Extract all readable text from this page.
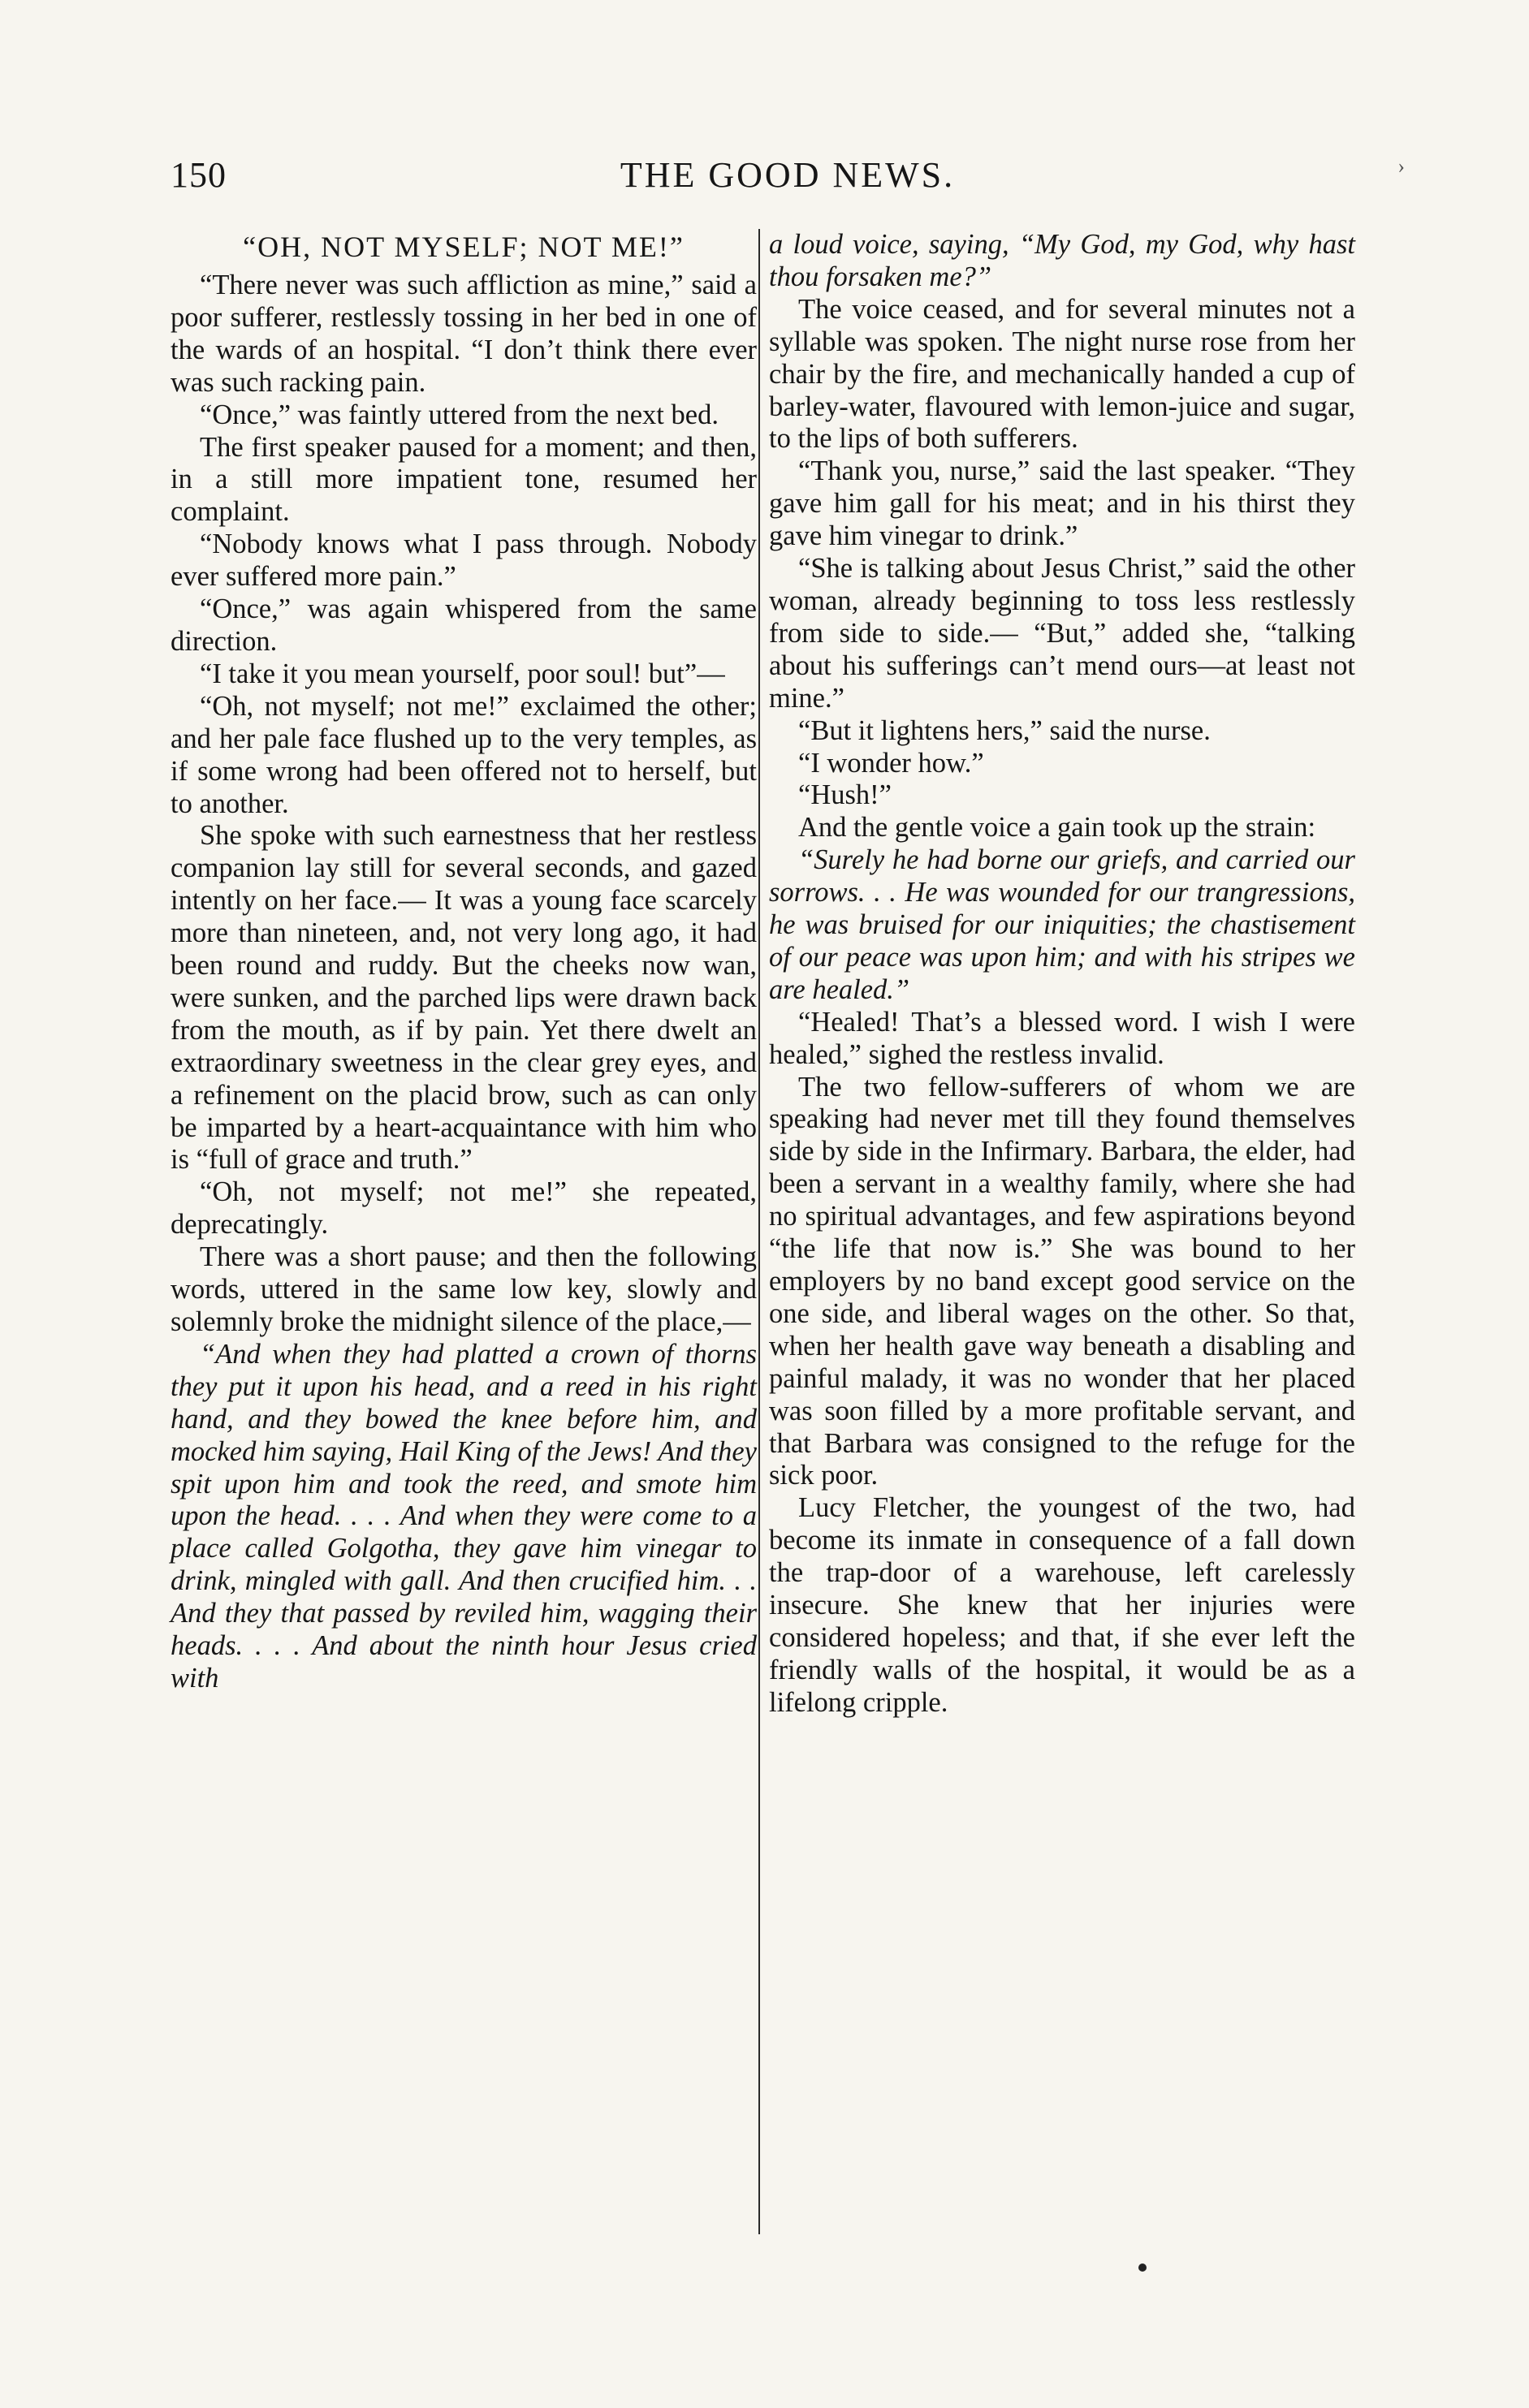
150	THE GOOD NEWS.	›
“OH, NOT MYSELF; NOT ME!”

“There never was such affliction as mine,” said a poor sufferer, restlessly tossing in her bed in one of the wards of an hospital. “I don’t think there ever was such racking pain.

“Once,” was faintly uttered from the next bed.

The first speaker paused for a moment; and then, in a still more impatient tone, resumed her complaint.

“Nobody knows what I pass through. Nobody ever suffered more pain.”

“Once,” was again whispered from the same direction.

“I take it you mean yourself, poor soul! but”—

“Oh, not myself; not me!” exclaimed the other; and her pale face flushed up to the very temples, as if some wrong had been offered not to herself, but to another.

She spoke with such earnestness that her restless companion lay still for several seconds, and gazed intently on her face.— It was a young face scarcely more than nineteen, and, not very long ago, it had been round and ruddy. But the cheeks now wan, were sunken, and the parched lips were drawn back from the mouth, as if by pain. Yet there dwelt an extraordinary sweetness in the clear grey eyes, and a refinement on the placid brow, such as can only be imparted by a heart-acquaintance with him who is “full of grace and truth.”

“Oh, not myself; not me!” she repeated, deprecatingly.

There was a short pause; and then the following words, uttered in the same low key, slowly and solemnly broke the midnight silence of the place,—

“And when they had platted a crown of thorns they put it upon his head, and a reed in his right hand, and they bowed the knee before him, and mocked him saying, Hail King of the Jews! And they spit upon him and took the reed, and smote him upon the head. . . . And when they were come to a place called Golgotha, they gave him vinegar to drink, mingled with gall. And then crucified him. . . And they that passed by reviled him, wagging their heads. . . . And about the ninth hour Jesus cried with

a loud voice, saying, “My God, my God, why hast thou forsaken me?”

The voice ceased, and for several minutes not a syllable was spoken. The night nurse rose from her chair by the fire, and mechanically handed a cup of barley-water, flavoured with lemon-juice and sugar, to the lips of both sufferers.

“Thank you, nurse,” said the last speaker. “They gave him gall for his meat; and in his thirst they gave him vinegar to drink.”

“She is talking about Jesus Christ,” said the other woman, already beginning to toss less restlessly from side to side.— “But,” added she, “talking about his sufferings can’t mend ours—at least not mine.”

“But it lightens hers,” said the nurse.

“I wonder how.”

“Hush!”

And the gentle voice a gain took up the strain:

“Surely he had borne our griefs, and carried our sorrows. . . He was wounded for our trangressions, he was bruised for our iniquities; the chastisement of our peace was upon him; and with his stripes we are healed.”

“Healed! That’s a blessed word. I wish I were healed,” sighed the restless invalid.

The two fellow-sufferers of whom we are speaking had never met till they found themselves side by side in the Infirmary. Barbara, the elder, had been a servant in a wealthy family, where she had no spiritual advantages, and few aspirations beyond “the life that now is.” She was bound to her employers by no band except good service on the one side, and liberal wages on the other. So that, when her health gave way beneath a disabling and painful malady, it was no wonder that her placed was soon filled by a more profitable servant, and that Barbara was consigned to the refuge for the sick poor.

Lucy Fletcher, the youngest of the two, had become its inmate in consequence of a fall down the trap-door of a warehouse, left carelessly insecure. She knew that her injuries were considered hopeless; and that, if she ever left the friendly walls of the hospital, it would be as a lifelong cripple.
